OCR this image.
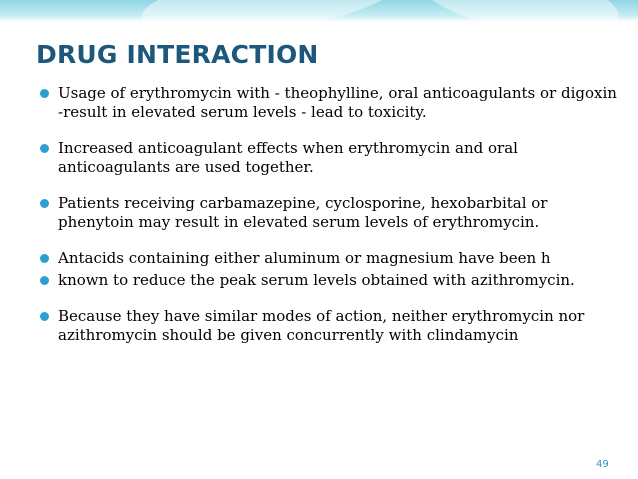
DRUG INTERACTION
Usage of erythromycin with - theophylline, oral anticoagulants or digoxin -result in elevated serum levels - lead to toxicity.
Increased anticoagulant effects when erythromycin and oral anticoagulants are used together.
Patients receiving carbamazepine, cyclosporine, hexobarbital or phenytoin may result in elevated serum levels of erythromycin.
Antacids containing either aluminum or magnesium have been h
known to reduce the peak serum levels obtained with azithromycin.
Because they have similar modes of action, neither erythromycin nor azithromycin should be given concurrently with clindamycin
49
